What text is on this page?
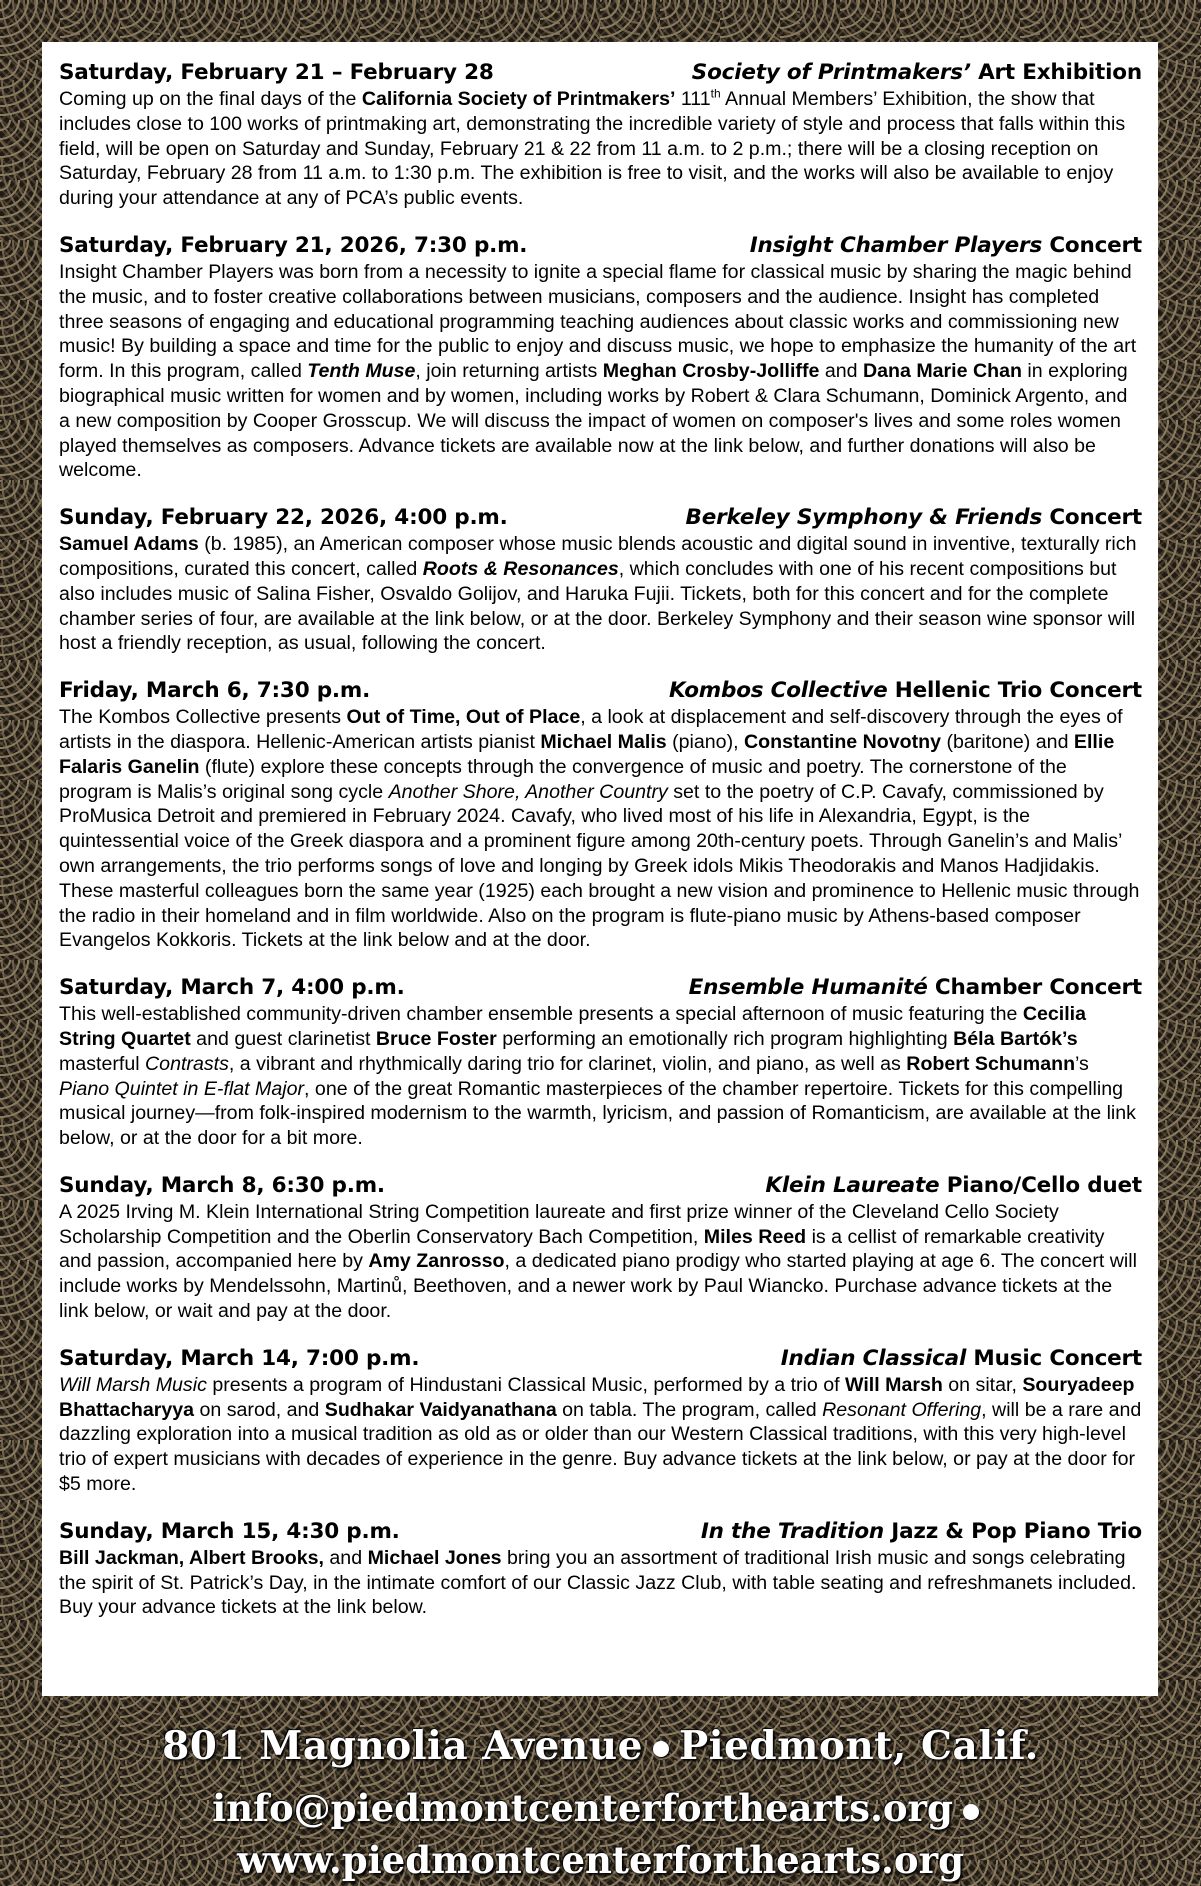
Saturday, February 21 – February 28	Society of Printmakers’ Art Exhibition

Coming up on the final days of the California Society of Printmakers’ 111th Annual Members’ Exhibition, the show that includes close to 100 works of printmaking art, demonstrating the incredible variety of style and process that falls within this field, will be open on Saturday and Sunday, February 21 & 22 from 11 a.m. to 2 p.m.; there will be a closing reception on Saturday, February 28 from 11 a.m. to 1:30 p.m. The exhibition is free to visit, and the works will also be available to enjoy during your attendance at any of PCA’s public events.

Saturday, February 21, 2026, 7:30 p.m.	Insight Chamber Players Concert

Insight Chamber Players was born from a necessity to ignite a special flame for classical music by sharing the magic behind the music, and to foster creative collaborations between musicians, composers and the audience. Insight has completed three seasons of engaging and educational programming teaching audiences about classic works and commissioning new music! By building a space and time for the public to enjoy and discuss music, we hope to emphasize the humanity of the art form. In this program, called Tenth Muse, join returning artists Meghan Crosby-Jolliffe and Dana Marie Chan in exploring biographical music written for women and by women, including works by Robert & Clara Schumann, Dominick Argento, and a new composition by Cooper Grosscup. We will discuss the impact of women on composer's lives and some roles women played themselves as composers. Advance tickets are available now at the link below, and further donations will also be welcome.

Sunday, February 22, 2026, 4:00 p.m.	Berkeley Symphony & Friends Concert

Samuel Adams (b. 1985), an American composer whose music blends acoustic and digital sound in inventive, texturally rich compositions, curated this concert, called Roots & Resonances, which concludes with one of his recent compositions but also includes music of Salina Fisher, Osvaldo Golijov, and Haruka Fujii. Tickets, both for this concert and for the complete chamber series of four, are available at the link below, or at the door. Berkeley Symphony and their season wine sponsor will host a friendly reception, as usual, following the concert.

Friday, March 6, 7:30 p.m.	Kombos Collective Hellenic Trio Concert

The Kombos Collective presents Out of Time, Out of Place, a look at displacement and self-discovery through the eyes of artists in the diaspora. Hellenic-American artists pianist Michael Malis (piano), Constantine Novotny (baritone) and Ellie Falaris Ganelin (flute) explore these concepts through the convergence of music and poetry. The cornerstone of the program is Malis’s original song cycle Another Shore, Another Country set to the poetry of C.P. Cavafy, commissioned by ProMusica Detroit and premiered in February 2024. Cavafy, who lived most of his life in Alexandria, Egypt, is the quintessential voice of the Greek diaspora and a prominent figure among 20th-century poets. Through Ganelin’s and Malis’ own arrangements, the trio performs songs of love and longing by Greek idols Mikis Theodorakis and Manos Hadjidakis. These masterful colleagues born the same year (1925) each brought a new vision and prominence to Hellenic music through the radio in their homeland and in film worldwide. Also on the program is flute-piano music by Athens-based composer Evangelos Kokkoris. Tickets at the link below and at the door.

Saturday, March 7, 4:00 p.m.	Ensemble Humanité Chamber Concert

This well-established community-driven chamber ensemble presents a special afternoon of music featuring the Cecilia String Quartet and guest clarinetist Bruce Foster performing an emotionally rich program highlighting Béla Bartók’s masterful Contrasts, a vibrant and rhythmically daring trio for clarinet, violin, and piano, as well as Robert Schumann’s Piano Quintet in E-flat Major, one of the great Romantic masterpieces of the chamber repertoire. Tickets for this compelling musical journey—from folk-inspired modernism to the warmth, lyricism, and passion of Romanticism, are available at the link below, or at the door for a bit more.

Sunday, March 8, 6:30 p.m.	Klein Laureate Piano/Cello duet

A 2025 Irving M. Klein International String Competition laureate and first prize winner of the Cleveland Cello Society Scholarship Competition and the Oberlin Conservatory Bach Competition, Miles Reed is a cellist of remarkable creativity and passion, accompanied here by Amy Zanrosso, a dedicated piano prodigy who started playing at age 6. The concert will include works by Mendelssohn, Martinů, Beethoven, and a newer work by Paul Wiancko. Purchase advance tickets at the link below, or wait and pay at the door.

Saturday, March 14, 7:00 p.m.	Indian Classical Music Concert

Will Marsh Music presents a program of Hindustani Classical Music, performed by a trio of Will Marsh on sitar, Souryadeep Bhattacharyya on sarod, and Sudhakar Vaidyanathana on tabla. The program, called Resonant Offering, will be a rare and dazzling exploration into a musical tradition as old as or older than our Western Classical traditions, with this very high-level trio of expert musicians with decades of experience in the genre. Buy advance tickets at the link below, or pay at the door for $5 more.

Sunday, March 15, 4:30 p.m.	In the Tradition Jazz & Pop Piano Trio

Bill Jackman, Albert Brooks, and Michael Jones bring you an assortment of traditional Irish music and songs celebrating the spirit of St. Patrick’s Day, in the intimate comfort of our Classic Jazz Club, with table seating and refreshmanets included. Buy your advance tickets at the link below.

801 Magnolia Avenue Piedmont, Calif.
info@piedmontcenterforthearts.orgwww.piedmontcenterforthearts.org
